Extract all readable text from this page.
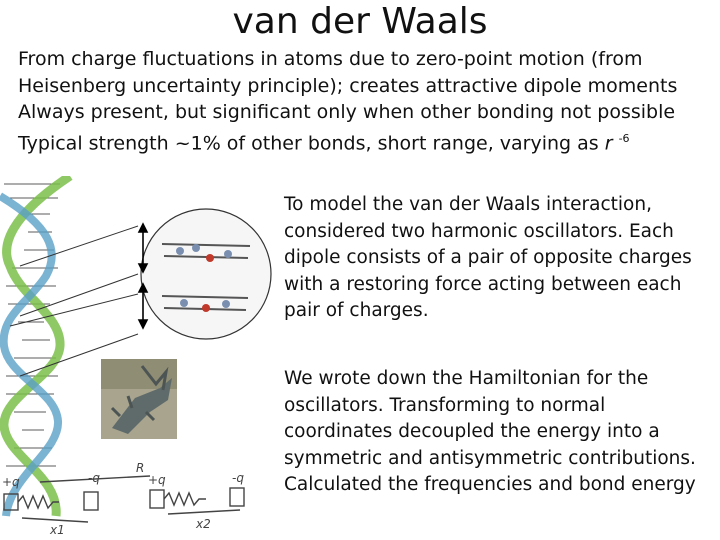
van der Waals
From charge fluctuations in atoms due to zero-point motion (from
Heisenberg uncertainty principle); creates attractive dipole moments
Always present, but significant only when other bonding not possible
Typical strength ~1% of other bonds, short range, varying as r $^{-6}$
+q	-q
R
+q	-q
x1	x2
To model the van der Waals interaction,
considered two harmonic oscillators. Each
dipole consists of a pair of opposite charges
with a restoring force acting between each
pair of charges.
We wrote down the Hamiltonian for the
oscillators. Transforming to normal
coordinates decoupled the energy into a
symmetric and antisymmetric contributions.
Calculated the frequencies and bond energy
